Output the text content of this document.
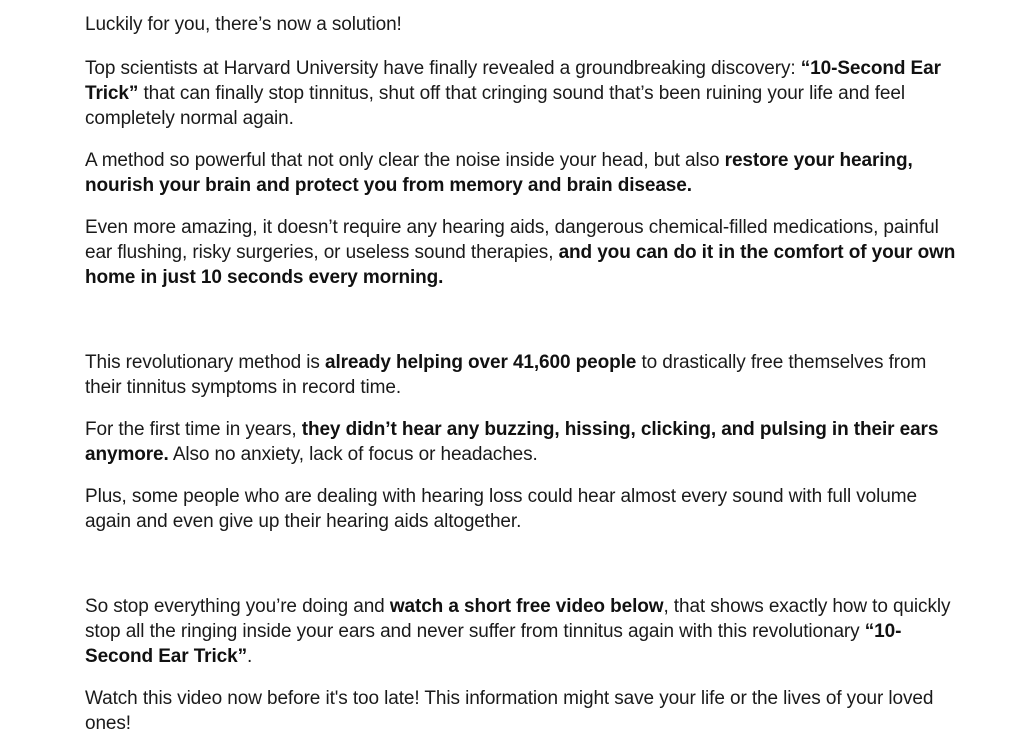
Luckily for you, there’s now a solution!

Top scientists at Harvard University have finally revealed a groundbreaking discovery: “10-Second Ear Trick” that can finally stop tinnitus, shut off that cringing sound that’s been ruining your life and feel completely normal again.

A method so powerful that not only clear the noise inside your head, but also restore your hearing, nourish your brain and protect you from memory and brain disease.

Even more amazing, it doesn’t require any hearing aids, dangerous chemical-filled medications, painful ear flushing, risky surgeries, or useless sound therapies, and you can do it in the comfort of your own home in just 10 seconds every morning.

This revolutionary method is already helping over 41,600 people to drastically free themselves from their tinnitus symptoms in record time.

For the first time in years, they didn’t hear any buzzing, hissing, clicking, and pulsing in their ears anymore. Also no anxiety, lack of focus or headaches.

Plus, some people who are dealing with hearing loss could hear almost every sound with full volume again and even give up their hearing aids altogether.

So stop everything you’re doing and watch a short free video below, that shows exactly how to quickly stop all the ringing inside your ears and never suffer from tinnitus again with this revolutionary “10-Second Ear Trick”.

Watch this video now before it's too late! This information might save your life or the lives of your loved ones!
